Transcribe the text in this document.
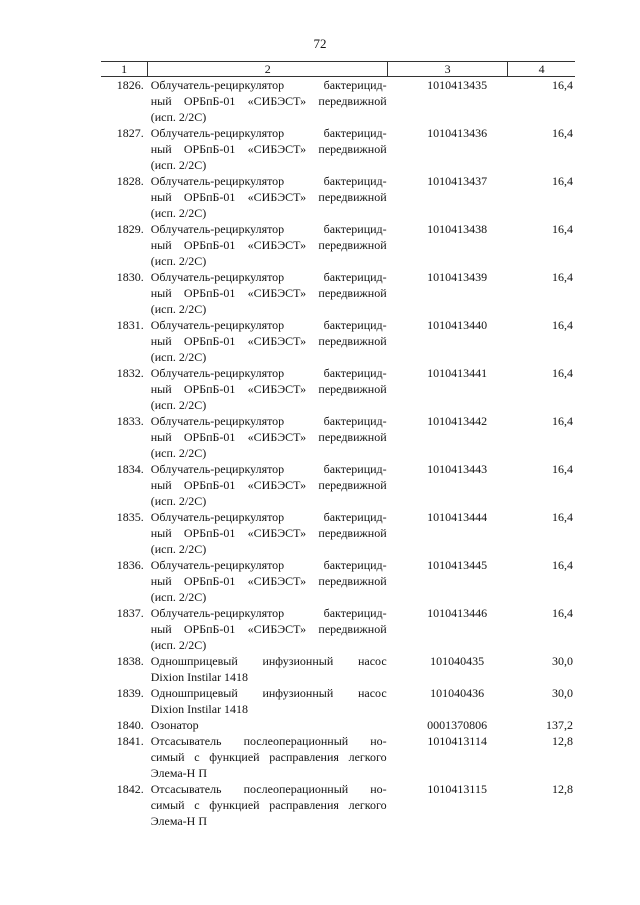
72
1	2	3	4
1826.	Облучатель-рециркулятор бактерицид-
ный ОРБпБ-01 «СИБЭСТ» передвижной
(исп. 2/2С)	1010413435	16,4
1827.	Облучатель-рециркулятор бактерицид-
ный ОРБпБ-01 «СИБЭСТ» передвижной
(исп. 2/2С)	1010413436	16,4
1828.	Облучатель-рециркулятор бактерицид-
ный ОРБпБ-01 «СИБЭСТ» передвижной
(исп. 2/2С)	1010413437	16,4
1829.	Облучатель-рециркулятор бактерицид-
ный ОРБпБ-01 «СИБЭСТ» передвижной
(исп. 2/2С)	1010413438	16,4
1830.	Облучатель-рециркулятор бактерицид-
ный ОРБпБ-01 «СИБЭСТ» передвижной
(исп. 2/2С)	1010413439	16,4
1831.	Облучатель-рециркулятор бактерицид-
ный ОРБпБ-01 «СИБЭСТ» передвижной
(исп. 2/2С)	1010413440	16,4
1832.	Облучатель-рециркулятор бактерицид-
ный ОРБпБ-01 «СИБЭСТ» передвижной
(исп. 2/2С)	1010413441	16,4
1833.	Облучатель-рециркулятор бактерицид-
ный ОРБпБ-01 «СИБЭСТ» передвижной
(исп. 2/2С)	1010413442	16,4
1834.	Облучатель-рециркулятор бактерицид-
ный ОРБпБ-01 «СИБЭСТ» передвижной
(исп. 2/2С)	1010413443	16,4
1835.	Облучатель-рециркулятор бактерицид-
ный ОРБпБ-01 «СИБЭСТ» передвижной
(исп. 2/2С)	1010413444	16,4
1836.	Облучатель-рециркулятор бактерицид-
ный ОРБпБ-01 «СИБЭСТ» передвижной
(исп. 2/2С)	1010413445	16,4
1837.	Облучатель-рециркулятор бактерицид-
ный ОРБпБ-01 «СИБЭСТ» передвижной
(исп. 2/2С)	1010413446	16,4
1838.	Одношприцевый инфузионный насос
Dixion Instilar 1418	101040435	30,0
1839.	Одношприцевый инфузионный насос
Dixion Instilar 1418	101040436	30,0
1840.	Озонатор	0001370806	137,2
1841.	Отсасыватель послеоперационный но-
симый с функцией расправления легкого
Элема-Н П	1010413114	12,8
1842.	Отсасыватель послеоперационный но-
симый с функцией расправления легкого
Элема-Н П	1010413115	12,8
